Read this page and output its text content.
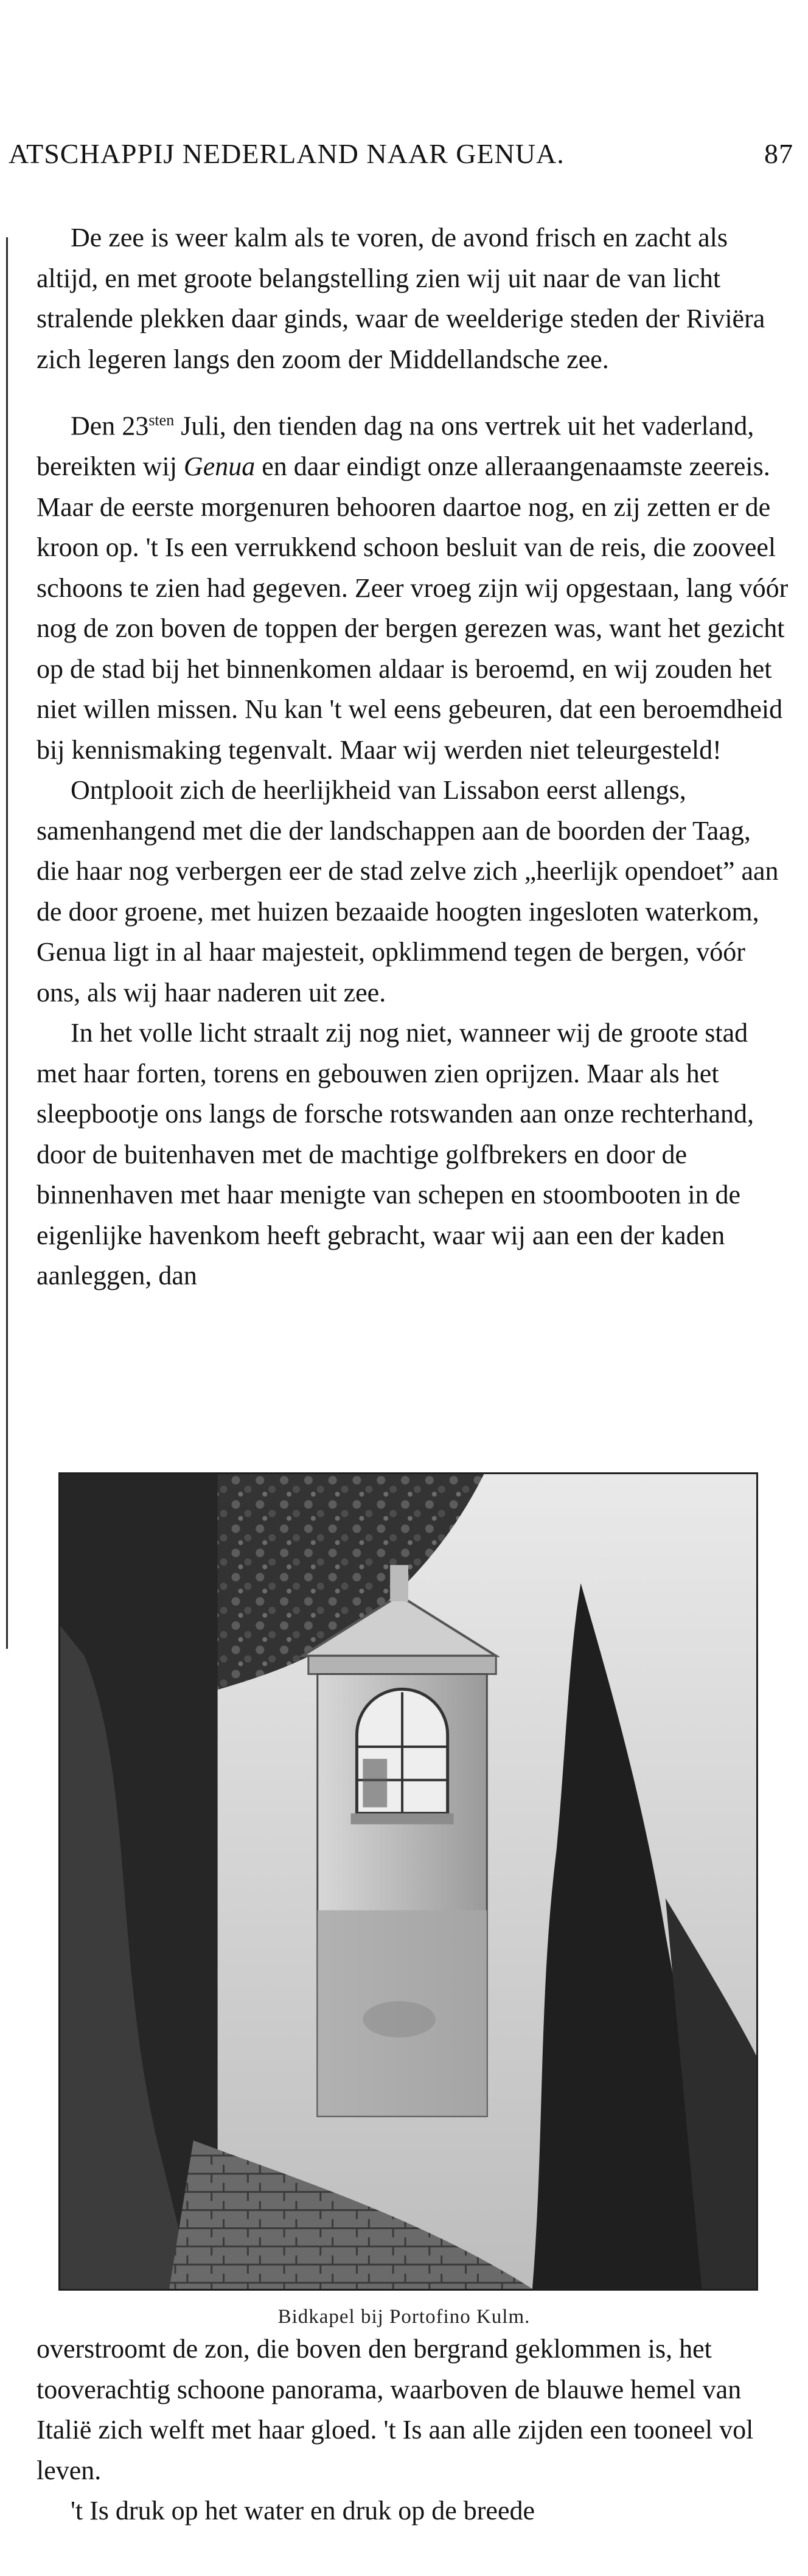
ATSCHAPPIJ NEDERLAND NAAR GENUA.	87

De zee is weer kalm als te voren, de avond frisch en zacht als altijd, en met groote belangstelling zien wij uit naar de van licht stralende plekken daar ginds, waar de weelderige steden der Riviëra zich legeren langs den zoom der Middellandsche zee.

Den $23^{sten}$ Juli, den tienden dag na ons vertrek uit het vaderland, bereikten wij Genua en daar eindigt onze alleraangenaamste zeereis. Maar de eerste morgenuren behooren daartoe nog, en zij zetten er de kroon op. 't Is een verrukkend schoon besluit van de reis, die zooveel schoons te zien had gegeven. Zeer vroeg zijn wij opgestaan, lang vóór nog de zon boven de toppen der bergen gerezen was, want het gezicht op de stad bij het binnenkomen aldaar is beroemd, en wij zouden het niet willen missen. Nu kan 't wel eens gebeuren, dat een beroemdheid bij kennismaking tegenvalt. Maar wij werden niet teleurgesteld!

Ontplooit zich de heerlijkheid van Lissabon eerst allengs, samenhangend met die der landschappen aan de boorden der Taag, die haar nog verbergen eer de stad zelve zich „heerlijk opendoet” aan de door groene, met huizen bezaaide hoogten ingesloten waterkom, Genua ligt in al haar majesteit, opklimmend tegen de bergen, vóór ons, als wij haar naderen uit zee.

In het volle licht straalt zij nog niet, wanneer wij de groote stad met haar forten, torens en gebouwen zien oprijzen. Maar als het sleepbootje ons langs de forsche rotswanden aan onze rechterhand, door de buitenhaven met de machtige golfbrekers en door de binnenhaven met haar menigte van schepen en stoombooten in de eigenlijke havenkom heeft gebracht, waar wij aan een der kaden aanleggen, dan

Bidkapel bij Portofino Kulm.

overstroomt de zon, die boven den bergrand geklommen is, het tooverachtig schoone panorama, waarboven de blauwe hemel van Italië zich welft met haar gloed. 't Is aan alle zijden een tooneel vol leven.

't Is druk op het water en druk op de breede
